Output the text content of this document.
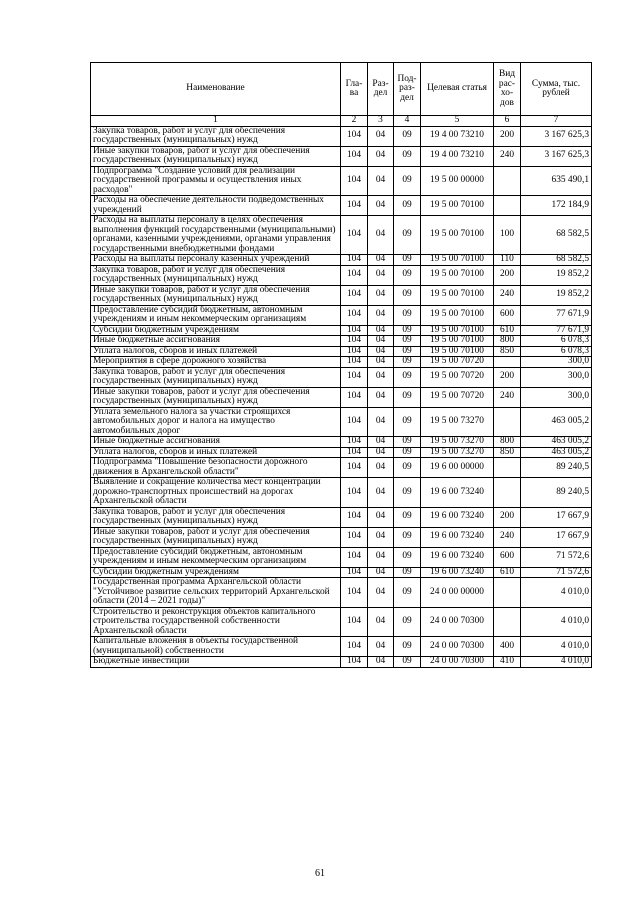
Наименование	Гла-ва	Раз-дел	Под-раз-дел	Целевая статья	Вид рас-хо-дов	Сумма, тыс. рублей
1	2	3	4	5	6	7
Закупка товаров, работ и услуг для обеспечения государственных (муниципальных) нужд	104	04	09	19 4 00 73210	200	3 167 625,3
Иные закупки товаров, работ и услуг для обеспечения государственных (муниципальных) нужд	104	04	09	19 4 00 73210	240	3 167 625,3
Подпрограмма "Создание условий для реализации государственной программы и осуществления иных расходов"	104	04	09	19 5 00 00000		635 490,1
Расходы на обеспечение деятельности подведомственных учреждений	104	04	09	19 5 00 70100		172 184,9
Расходы на выплаты персоналу в целях обеспечения выполнения функций государственными (муниципальными) органами, казенными учреждениями, органами управления государственными внебюджетными фондами	104	04	09	19 5 00 70100	100	68 582,5
Расходы на выплаты персоналу казенных учреждений	104	04	09	19 5 00 70100	110	68 582,5
Закупка товаров, работ и услуг для обеспечения государственных (муниципальных) нужд	104	04	09	19 5 00 70100	200	19 852,2
Иные закупки товаров, работ и услуг для обеспечения государственных (муниципальных) нужд	104	04	09	19 5 00 70100	240	19 852,2
Предоставление субсидий бюджетным, автономным учреждениям и иным некоммерческим организациям	104	04	09	19 5 00 70100	600	77 671,9
Субсидии бюджетным учреждениям	104	04	09	19 5 00 70100	610	77 671,9
Иные бюджетные ассигнования	104	04	09	19 5 00 70100	800	6 078,3
Уплата налогов, сборов и иных платежей	104	04	09	19 5 00 70100	850	6 078,3
Мероприятия в сфере дорожного хозяйства	104	04	09	19 5 00 70720		300,0
Закупка товаров, работ и услуг для обеспечения государственных (муниципальных) нужд	104	04	09	19 5 00 70720	200	300,0
Иные закупки товаров, работ и услуг для обеспечения государственных (муниципальных) нужд	104	04	09	19 5 00 70720	240	300,0
Уплата земельного налога за участки строящихся автомобильных дорог и налога на имущество автомобильных дорог	104	04	09	19 5 00 73270		463 005,2
Иные бюджетные ассигнования	104	04	09	19 5 00 73270	800	463 005,2
Уплата налогов, сборов и иных платежей	104	04	09	19 5 00 73270	850	463 005,2
Подпрограмма "Повышение безопасности дорожного движения в Архангельской области"	104	04	09	19 6 00 00000		89 240,5
Выявление и сокращение количества мест концентрации дорожно-транспортных происшествий на дорогах Архангельской области	104	04	09	19 6 00 73240		89 240,5
Закупка товаров, работ и услуг для обеспечения государственных (муниципальных) нужд	104	04	09	19 6 00 73240	200	17 667,9
Иные закупки товаров, работ и услуг для обеспечения государственных (муниципальных) нужд	104	04	09	19 6 00 73240	240	17 667,9
Предоставление субсидий бюджетным, автономным учреждениям и иным некоммерческим организациям	104	04	09	19 6 00 73240	600	71 572,6
Субсидии бюджетным учреждениям	104	04	09	19 6 00 73240	610	71 572,6
Государственная программа Архангельской области "Устойчивое развитие сельских территорий Архангельской области (2014 – 2021 годы)"	104	04	09	24 0 00 00000		4 010,0
Строительство и реконструкция объектов капитального строительства государственной собственности Архангельской области	104	04	09	24 0 00 70300		4 010,0
Капитальные вложения в объекты государственной (муниципальной) собственности	104	04	09	24 0 00 70300	400	4 010,0
Бюджетные инвестиции	104	04	09	24 0 00 70300	410	4 010,0
61
